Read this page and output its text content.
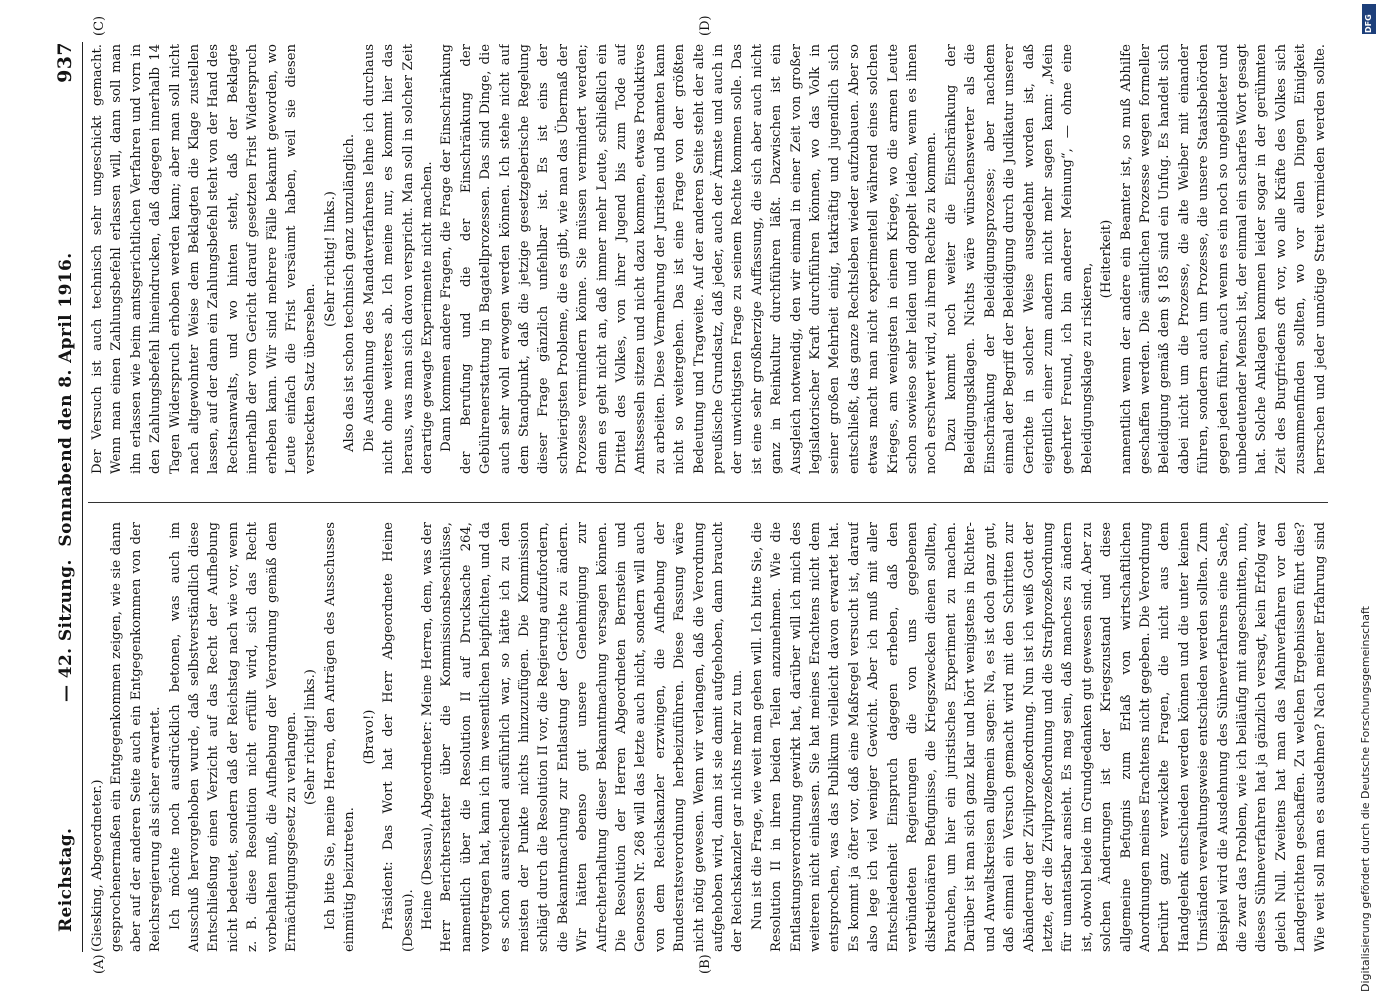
Reichstag.
— 42. Sitzung.  Sonnabend den 8. April 1916.
937
(A)	(B)
(C)	(D)

(Giesking, Abgeordneter.) gesprochenermaßen ein Entgegenkommen zeigen, wie sie dann aber auf der anderen Seite auch ein Entgegenkommen von der Reichsregierung als sicher erwartet. Ich möchte noch ausdrücklich betonen, was auch im Ausschuß hervorgehoben wurde, daß selbstverständlich diese Entschließung einen Verzicht auf das Recht der Aufhebung nicht bedeutet, sondern daß der Reichstag nach wie vor, wenn z. B. diese Resolution nicht erfüllt wird, sich das Recht vorbehalten muß, die Aufhebung der Verordnung gemäß dem Ermächtigungsgesetz zu verlangen. (Sehr richtig! links.) Ich bitte Sie, meine Herren, den Anträgen des Ausschusses einmütig beizutreten.

(Bravo!) Präsident: Das Wort hat der Herr Abgeordnete Heine (Dessau). Heine (Dessau), Abgeordneter: Meine Herren, dem, was der Herr Berichterstatter über die Kommissionsbeschlüsse, namentlich über die Resolution II auf Drucksache 264, vorgetragen hat, kann ich im wesentlichen beipflichten, und da es schon ausreichend ausführlich war, so hätte ich zu den meisten der Punkte nichts hinzuzufügen. Die Kommission schlägt durch die Resolution II vor, die Regierung aufzufordern, die Bekanntmachung zur Entlastung der Gerichte zu ändern. Wir hätten ebenso gut unsere Genehmigung zur Aufrechterhaltung dieser Bekanntmachung versagen können. Die Resolution der Herren Abgeordneten Bernstein und Genossen Nr. 268 will das letzte auch nicht, sondern will auch von dem Reichskanzler erzwingen, die Aufhebung der Bundesratsverordnung herbeizuführen. Diese Fassung wäre nicht nötig gewesen. Wenn wir verlangen, daß die Verordnung aufgehoben wird, dann ist sie damit aufgehoben, dann braucht der Reichskanzler gar nichts mehr zu tun. Nun ist die Frage, wie weit man gehen will. Ich bitte Sie, die Resolution II in ihren beiden Teilen anzunehmen. Wie die Entlastungsverordnung gewirkt hat, darüber will ich mich des weiteren nicht einlassen. Sie hat meines Erachtens nicht dem entsprochen, was das Publikum vielleicht davon erwartet hat. Es kommt ja öfter vor, daß eine Maßregel versucht ist, darauf also lege ich viel weniger Gewicht. Aber ich muß mit aller Entschiedenheit Einspruch dagegen erheben, daß den verbündeten Regierungen die von uns gegebenen diskretionären Befugnisse, die Kriegszwecken dienen sollten, brauchen, um hier ein juristisches Experiment zu machen. Darüber ist man sich ganz klar und hört wenigstens in Richter- und Anwaltskreisen allgemein sagen: Na, es ist doch ganz gut, daß einmal ein Versuch gemacht wird mit den Schritten zur Abänderung der Zivilprozeßordnung. Nun ist ich weiß Gott der letzte, der die Zivilprozeßordnung und die Strafprozeßordnung für unantastbar ansieht. Es mag sein, daß manches zu ändern ist, obwohl beide im Grundgedanken gut gewesen sind. Aber zu solchen Änderungen ist der Kriegszustand und diese allgemeine Befugnis zum Erlaß von wirtschaftlichen Anordnungen meines Erachtens nicht gegeben. Die Verordnung berührt ganz verwickelte Fragen, die nicht aus dem Handgelenk entschieden werden können und die unter keinen Umständen verwaltungsweise entschieden werden sollten. Zum Beispiel wird die Ausdehnung des Sühneverfahrens eine Sache, die zwar das Problem, wie ich beiläufig mit angeschnitten, nun, dieses Sühneverfahren hat ja gänzlich versagt, kein Erfolg war gleich Null. Zweitens hat man das Mahnverfahren vor den Landgerichten geschaffen. Zu welchen Ergebnissen führt dies? Wie weit soll man es ausdehnen? Nach meiner Erfahrung sind

Der Versuch ist auch technisch sehr ungeschickt gemacht. Wenn man einen Zahlungsbefehl erlassen will, dann soll man ihn erlassen wie beim amtsgerichtlichen Verfahren und vorn in den Zahlungsbefehl hineindrucken, daß dagegen innerhalb 14 Tagen Widerspruch erhoben werden kann; aber man soll nicht nach altgewohnter Weise dem Beklagten die Klage zustellen lassen, auf der dann ein Zahlungsbefehl steht von der Hand des Rechtsanwalts, und wo hinten steht, daß der Beklagte innerhalb der vom Gericht darauf gesetzten Frist Widerspruch erheben kann. Wir sind mehrere Fälle bekannt geworden, wo Leute einfach die Frist versäumt haben, weil sie diesen versteckten Satz übersehen.

(Sehr richtig! links.) Also das ist schon technisch ganz unzulänglich. Die Ausdehnung des Mandatverfahrens lehne ich durchaus nicht ohne weiteres ab. Ich meine nur, es kommt hier das heraus, was man sich davon verspricht. Man soll in solcher Zeit derartige gewagte Experimente nicht machen. Dann kommen andere Fragen, die Frage der Einschränkung der Berufung und die der Einschränkung der Gebührenerstattung in Bagatellprozessen. Das sind Dinge, die auch sehr wohl erwogen werden können. Ich stehe nicht auf dem Standpunkt, daß die jetzige gesetzgeberische Regelung dieser Frage gänzlich unfehlbar ist. Es ist eins der schwierigsten Probleme, die es gibt, wie man das Übermaß der Prozesse vermindern könne. Sie müssen vermindert werden; denn es geht nicht an, daß immer mehr Leute, schließlich ein Drittel des Volkes, von ihrer Jugend bis zum Tode auf Amtssesseln sitzen und nicht dazu kommen, etwas Produktives zu arbeiten. Diese Vermehrung der Juristen und Beamten kann nicht so weitergehen. Das ist eine Frage von der größten Bedeutung und Tragweite. Auf der anderen Seite steht der alte preußische Grundsatz, daß jeder, auch der Ärmste und auch in der unwichtigsten Frage zu seinem Rechte kommen solle. Das ist eine sehr großherzige Auffassung, die sich aber auch nicht ganz in Reinkultur durchführen läßt. Dazwischen ist ein Ausgleich notwendig, den wir einmal in einer Zeit von großer legislatorischer Kraft durchführen können, wo das Volk in seiner großen Mehrheit einig, tatkräftig und jugendlich sich entschließt, das ganze Rechtsleben wieder aufzubauen. Aber so etwas macht man nicht experimentell während eines solchen Krieges, am wenigsten in einem Kriege, wo die armen Leute schon sowieso sehr leiden und doppelt leiden, wenn es ihnen noch erschwert wird, zu ihrem Rechte zu kommen. Dazu kommt noch weiter die Einschränkung der Beleidigungsklagen. Nichts wäre wünschenswerter als die Einschränkung der Beleidigungsprozesse; aber nachdem einmal der Begriff der Beleidigung durch die Judikatur unserer Gerichte in solcher Weise ausgedehnt worden ist, daß eigentlich einer zum andern nicht mehr sagen kann: „Mein geehrter Freund, ich bin anderer Meinung“, — ohne eine Beleidigungsklage zu riskieren,

(Heiterkeit)

namentlich wenn der andere ein Beamter ist, so muß Abhilfe geschaffen werden. Die sämtlichen Prozesse wegen formeller Beleidigung gemäß dem § 185 sind ein Unfug. Es handelt sich dabei nicht um die Prozesse, die alte Weiber mit einander führen, sondern auch um Prozesse, die unsere Staatsbehörden gegen jeden führen, auch wenn es ein noch so ungebildeter und unbedeutender Mensch ist, der einmal ein scharfes Wort gesagt hat. Solche Anklagen kommen leider sogar in der gerühmten Zeit des Burgfriedens oft vor, wo alle Kräfte des Volkes sich zusammenfinden sollten, wo vor allen Dingen Einigkeit herrschen und jeder unnötige Streit vermieden werden sollte.

DFG
Digitalisierung gefördert durch die Deutsche Forschungsgemeinschaft
